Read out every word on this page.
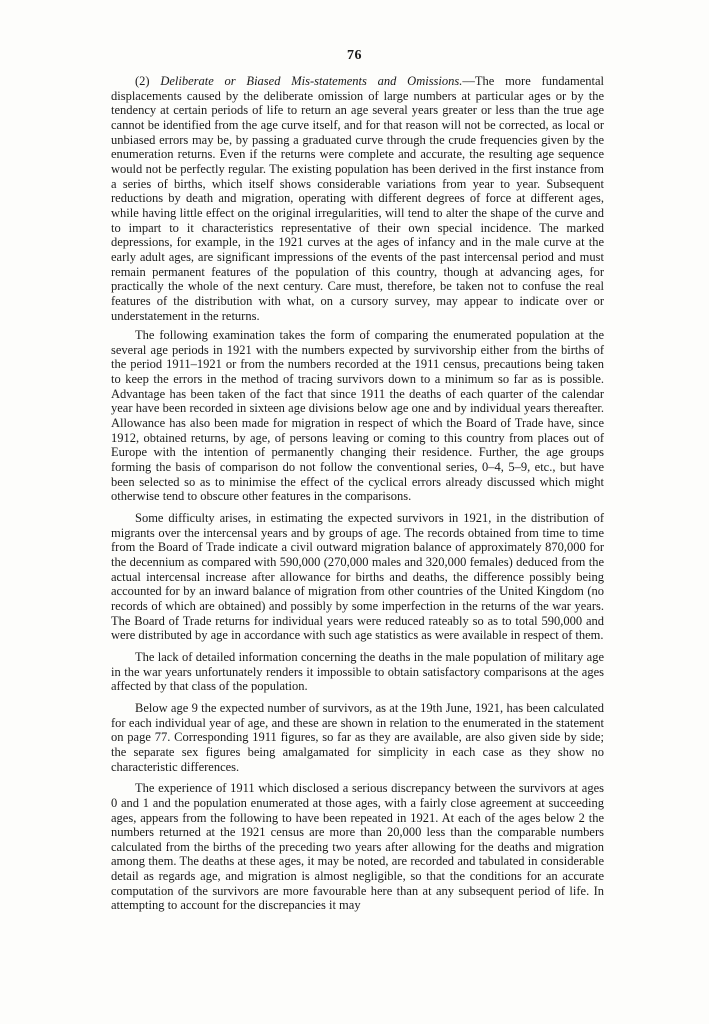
76

(2) Deliberate or Biased Mis-statements and Omissions.—The more fundamental displacements caused by the deliberate omission of large numbers at particular ages or by the tendency at certain periods of life to return an age several years greater or less than the true age cannot be identified from the age curve itself, and for that reason will not be corrected, as local or unbiased errors may be, by passing a graduated curve through the crude frequencies given by the enumeration returns. Even if the returns were complete and accurate, the resulting age sequence would not be perfectly regular. The existing population has been derived in the first instance from a series of births, which itself shows considerable variations from year to year. Subsequent reductions by death and migration, operating with different degrees of force at different ages, while having little effect on the original irregularities, will tend to alter the shape of the curve and to impart to it characteristics representative of their own special incidence. The marked depressions, for example, in the 1921 curves at the ages of infancy and in the male curve at the early adult ages, are significant impressions of the events of the past intercensal period and must remain permanent features of the population of this country, though at advancing ages, for practically the whole of the next century. Care must, therefore, be taken not to confuse the real features of the distribution with what, on a cursory survey, may appear to indicate over or understatement in the returns.

The following examination takes the form of comparing the enumerated population at the several age periods in 1921 with the numbers expected by survivorship either from the births of the period 1911–1921 or from the numbers recorded at the 1911 census, precautions being taken to keep the errors in the method of tracing survivors down to a minimum so far as is possible. Advantage has been taken of the fact that since 1911 the deaths of each quarter of the calendar year have been recorded in sixteen age divisions below age one and by individual years thereafter. Allowance has also been made for migration in respect of which the Board of Trade have, since 1912, obtained returns, by age, of persons leaving or coming to this country from places out of Europe with the intention of permanently changing their residence. Further, the age groups forming the basis of comparison do not follow the conventional series, 0–4, 5–9, etc., but have been selected so as to minimise the effect of the cyclical errors already discussed which might otherwise tend to obscure other features in the comparisons.

Some difficulty arises, in estimating the expected survivors in 1921, in the distribution of migrants over the intercensal years and by groups of age. The records obtained from time to time from the Board of Trade indicate a civil outward migration balance of approximately 870,000 for the decennium as compared with 590,000 (270,000 males and 320,000 females) deduced from the actual intercensal increase after allowance for births and deaths, the difference possibly being accounted for by an inward balance of migration from other countries of the United Kingdom (no records of which are obtained) and possibly by some imperfection in the returns of the war years. The Board of Trade returns for individual years were reduced rateably so as to total 590,000 and were distributed by age in accordance with such age statistics as were available in respect of them.

The lack of detailed information concerning the deaths in the male population of military age in the war years unfortunately renders it impossible to obtain satisfactory comparisons at the ages affected by that class of the population.

Below age 9 the expected number of survivors, as at the 19th June, 1921, has been calculated for each individual year of age, and these are shown in relation to the enumerated in the statement on page 77. Corresponding 1911 figures, so far as they are available, are also given side by side; the separate sex figures being amalgamated for simplicity in each case as they show no characteristic differences.

The experience of 1911 which disclosed a serious discrepancy between the survivors at ages 0 and 1 and the population enumerated at those ages, with a fairly close agreement at succeeding ages, appears from the following to have been repeated in 1921. At each of the ages below 2 the numbers returned at the 1921 census are more than 20,000 less than the comparable numbers calculated from the births of the preceding two years after allowing for the deaths and migration among them. The deaths at these ages, it may be noted, are recorded and tabulated in considerable detail as regards age, and migration is almost negligible, so that the conditions for an accurate computation of the survivors are more favourable here than at any subsequent period of life. In attempting to account for the discrepancies it may
